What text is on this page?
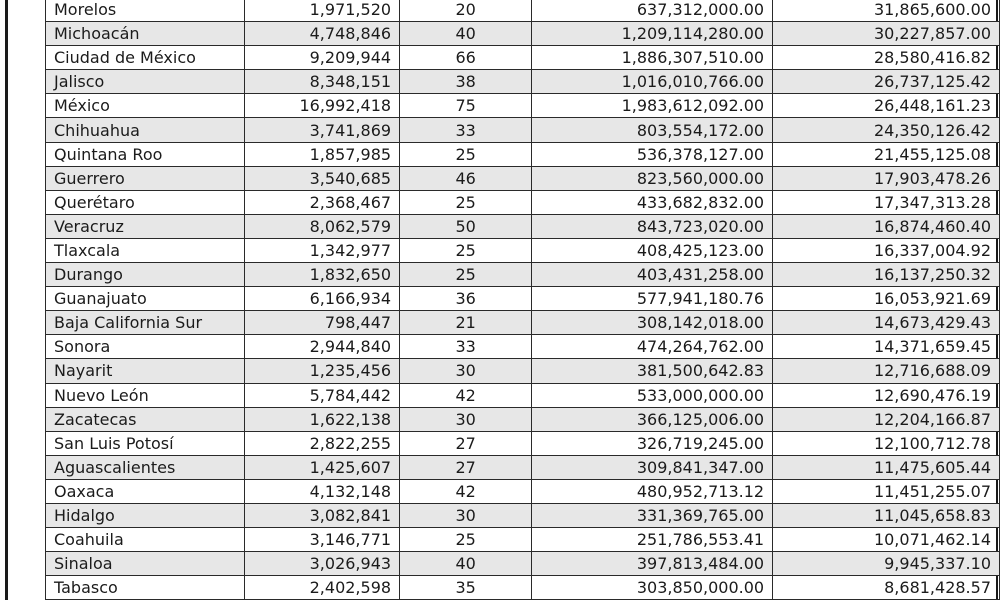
Morelos	1,971,520	20	637,312,000.00	31,865,600.00
Michoacán	4,748,846	40	1,209,114,280.00	30,227,857.00
Ciudad de México	9,209,944	66	1,886,307,510.00	28,580,416.82
Jalisco	8,348,151	38	1,016,010,766.00	26,737,125.42
México	16,992,418	75	1,983,612,092.00	26,448,161.23
Chihuahua	3,741,869	33	803,554,172.00	24,350,126.42
Quintana Roo	1,857,985	25	536,378,127.00	21,455,125.08
Guerrero	3,540,685	46	823,560,000.00	17,903,478.26
Querétaro	2,368,467	25	433,682,832.00	17,347,313.28
Veracruz	8,062,579	50	843,723,020.00	16,874,460.40
Tlaxcala	1,342,977	25	408,425,123.00	16,337,004.92
Durango	1,832,650	25	403,431,258.00	16,137,250.32
Guanajuato	6,166,934	36	577,941,180.76	16,053,921.69
Baja California Sur	798,447	21	308,142,018.00	14,673,429.43
Sonora	2,944,840	33	474,264,762.00	14,371,659.45
Nayarit	1,235,456	30	381,500,642.83	12,716,688.09
Nuevo León	5,784,442	42	533,000,000.00	12,690,476.19
Zacatecas	1,622,138	30	366,125,006.00	12,204,166.87
San Luis Potosí	2,822,255	27	326,719,245.00	12,100,712.78
Aguascalientes	1,425,607	27	309,841,347.00	11,475,605.44
Oaxaca	4,132,148	42	480,952,713.12	11,451,255.07
Hidalgo	3,082,841	30	331,369,765.00	11,045,658.83
Coahuila	3,146,771	25	251,786,553.41	10,071,462.14
Sinaloa	3,026,943	40	397,813,484.00	9,945,337.10
Tabasco	2,402,598	35	303,850,000.00	8,681,428.57
